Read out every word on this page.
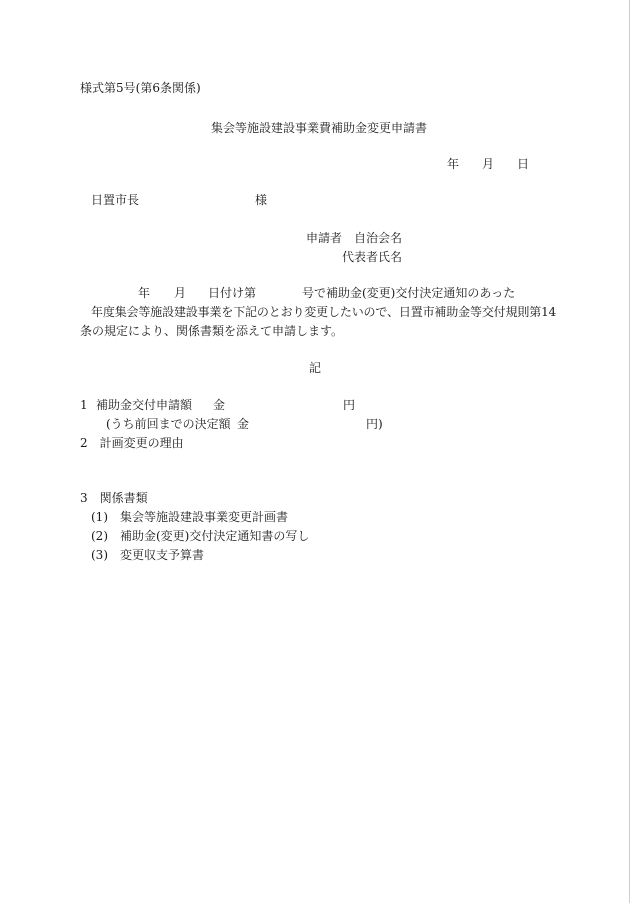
様式第5号(第6条関係)
集会等施設建設事業費補助金変更申請書
年 月 日
日置市長	様
申請者 自治会名
代表者氏名
年 月 日付け第	号で補助金(変更)交付決定通知のあった
年度集会等施設建設事業を下記のとおり変更したいので、日置市補助金等交付規則第14
条の規定により、関係書類を添えて申請します。
記
1 補助金交付申請額 金	円
(うち前回までの決定額 金	円)
2　計画変更の理由
3　関係書類
(1)　集会等施設建設事業変更計画書
(2)　補助金(変更)交付決定通知書の写し
(3)　変更収支予算書
